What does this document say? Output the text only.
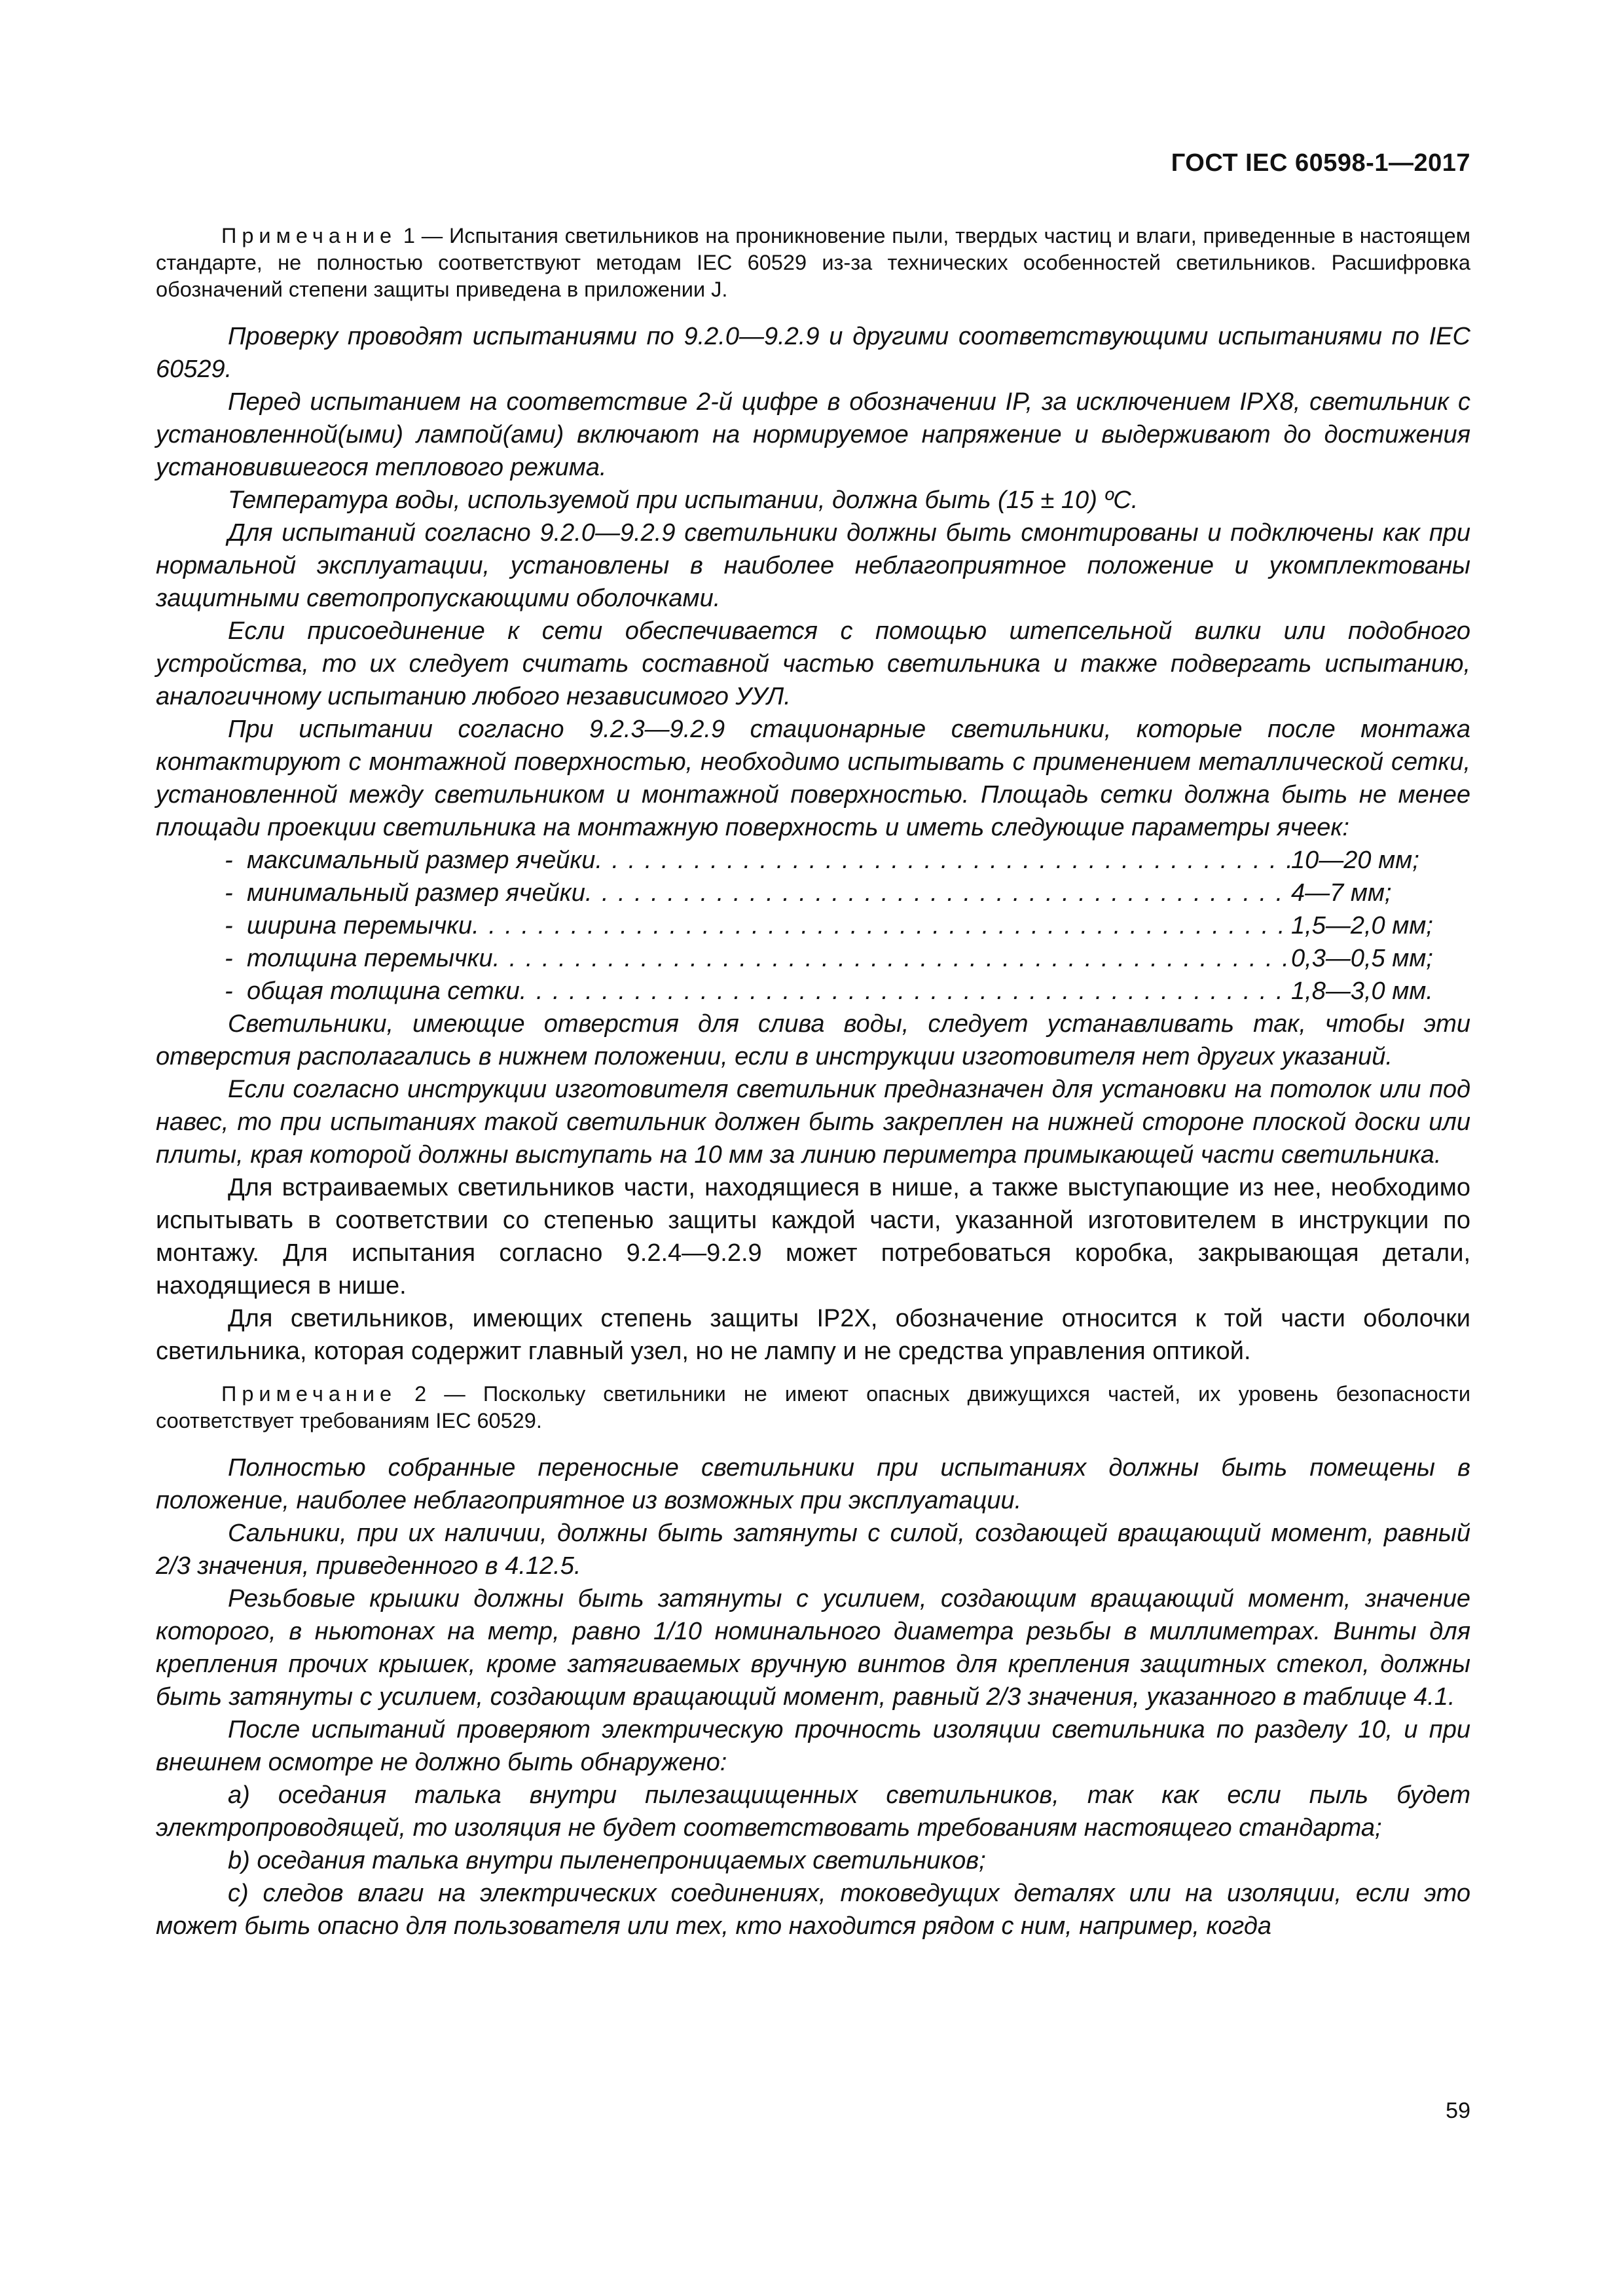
ГОСТ IEC 60598-1—2017

Примечание 1 — Испытания светильников на проникновение пыли, твердых частиц и влаги, приведенные в настоящем стандарте, не полностью соответствуют методам IEC 60529 из-за технических особенностей светильников. Расшифровка обозначений степени защиты приведена в приложении J.

Проверку проводят испытаниями по 9.2.0—9.2.9 и другими соответствующими испытаниями по IEC 60529.

Перед испытанием на соответствие 2-й цифре в обозначении IP, за исключением IPX8, светильник с установленной(ыми) лампой(ами) включают на нормируемое напряжение и выдерживают до достижения установившегося теплового режима.

Температура воды, используемой при испытании, должна быть (15 ± 10) ºС.

Для испытаний согласно 9.2.0—9.2.9 светильники должны быть смонтированы и подключены как при нормальной эксплуатации, установлены в наиболее неблагоприятное положение и укомплектованы защитными светопропускающими оболочками.

Если присоединение к сети обеспечивается с помощью штепсельной вилки или подобного устройства, то их следует считать составной частью светильника и также подвергать испытанию, аналогичному испытанию любого независимого УУЛ.

При испытании согласно 9.2.3—9.2.9 стационарные светильники, которые после монтажа контактируют с монтажной поверхностью, необходимо испытывать с применением металлической сетки, установленной между светильником и монтажной поверхностью. Площадь сетки должна быть не менее площади проекции светильника на монтажную поверхность и иметь следующие параметры ячеек:

- максимальный размер ячейки . . .	10—20 мм;
- минимальный размер ячейки . . .	4—7 мм;
- ширина перемычки . . .	1,5—2,0 мм;
- толщина перемычки . . .	0,3—0,5 мм;
- общая толщина сетки . . .	1,8—3,0 мм.

Светильники, имеющие отверстия для слива воды, следует устанавливать так, чтобы эти отверстия располагались в нижнем положении, если в инструкции изготовителя нет других указаний.

Если согласно инструкции изготовителя светильник предназначен для установки на потолок или под навес, то при испытаниях такой светильник должен быть закреплен на нижней стороне плоской доски или плиты, края которой должны выступать на 10 мм за линию периметра примыкающей части светильника.

Для встраиваемых светильников части, находящиеся в нише, а также выступающие из нее, необходимо испытывать в соответствии со степенью защиты каждой части, указанной изготовителем в инструкции по монтажу. Для испытания согласно 9.2.4—9.2.9 может потребоваться коробка, закрывающая детали, находящиеся в нише.

Для светильников, имеющих степень защиты IP2X, обозначение относится к той части оболочки светильника, которая содержит главный узел, но не лампу и не средства управления оптикой.

Примечание 2 — Поскольку светильники не имеют опасных движущихся частей, их уровень безопасности соответствует требованиям IEC 60529.

Полностью собранные переносные светильники при испытаниях должны быть помещены в положение, наиболее неблагоприятное из возможных при эксплуатации.

Сальники, при их наличии, должны быть затянуты с силой, создающей вращающий момент, равный 2/3 значения, приведенного в 4.12.5.

Резьбовые крышки должны быть затянуты с усилием, создающим вращающий момент, значение которого, в ньютонах на метр, равно 1/10 номинального диаметра резьбы в миллиметрах. Винты для крепления прочих крышек, кроме затягиваемых вручную винтов для крепления защитных стекол, должны быть затянуты с усилием, создающим вращающий момент, равный 2/3 значения, указанного в таблице 4.1.

После испытаний проверяют электрическую прочность изоляции светильника по разделу 10, и при внешнем осмотре не должно быть обнаружено:

a) оседания талька внутри пылезащищенных светильников, так как если пыль будет электропроводящей, то изоляция не будет соответствовать требованиям настоящего стандарта;

b) оседания талька внутри пыленепроницаемых светильников;

c) следов влаги на электрических соединениях, токоведущих деталях или на изоляции, если это может быть опасно для пользователя или тех, кто находится рядом с ним, например, когда

59
